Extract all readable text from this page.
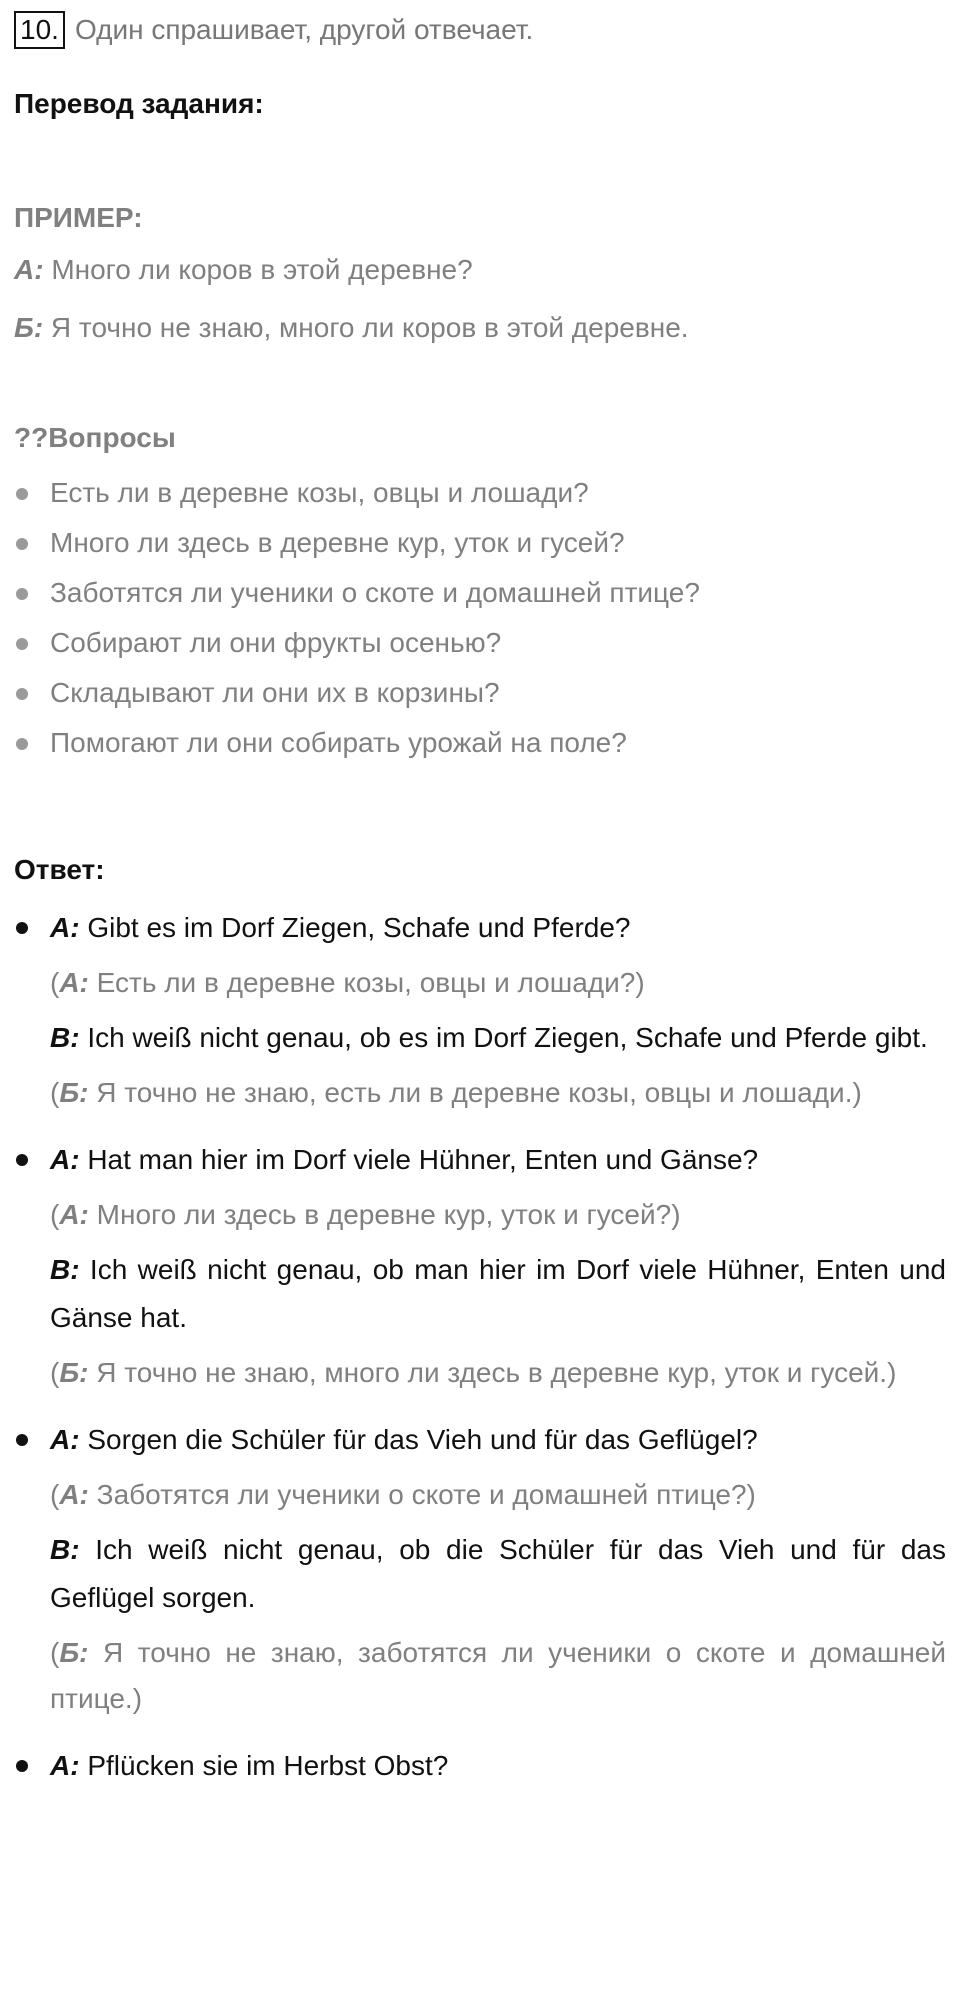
10. Один спрашивает, другой отвечает.
Перевод задания:
ПРИМЕР:
А: Много ли коров в этой деревне?
Б: Я точно не знаю, много ли коров в этой деревне.
??Вопросы
Есть ли в деревне козы, овцы и лошади?
Много ли здесь в деревне кур, уток и гусей?
Заботятся ли ученики о скоте и домашней птице?
Собирают ли они фрукты осенью?
Складывают ли они их в корзины?
Помогают ли они собирать урожай на поле?
Ответ:
A: Gibt es im Dorf Ziegen, Schafe und Pferde?
(А: Есть ли в деревне козы, овцы и лошади?)
B: Ich weiß nicht genau, ob es im Dorf Ziegen, Schafe und Pferde gibt.
(Б: Я точно не знаю, есть ли в деревне козы, овцы и лошади.)
A: Hat man hier im Dorf viele Hühner, Enten und Gänse?
(А: Много ли здесь в деревне кур, уток и гусей?)
B: Ich weiß nicht genau, ob man hier im Dorf viele Hühner, Enten und Gänse hat.
(Б: Я точно не знаю, много ли здесь в деревне кур, уток и гусей.)
A: Sorgen die Schüler für das Vieh und für das Geflügel?
(А: Заботятся ли ученики о скоте и домашней птице?)
B: Ich weiß nicht genau, ob die Schüler für das Vieh und für das Geflügel sorgen.
(Б: Я точно не знаю, заботятся ли ученики о скоте и домашней птице.)
A: Pflücken sie im Herbst Obst?
